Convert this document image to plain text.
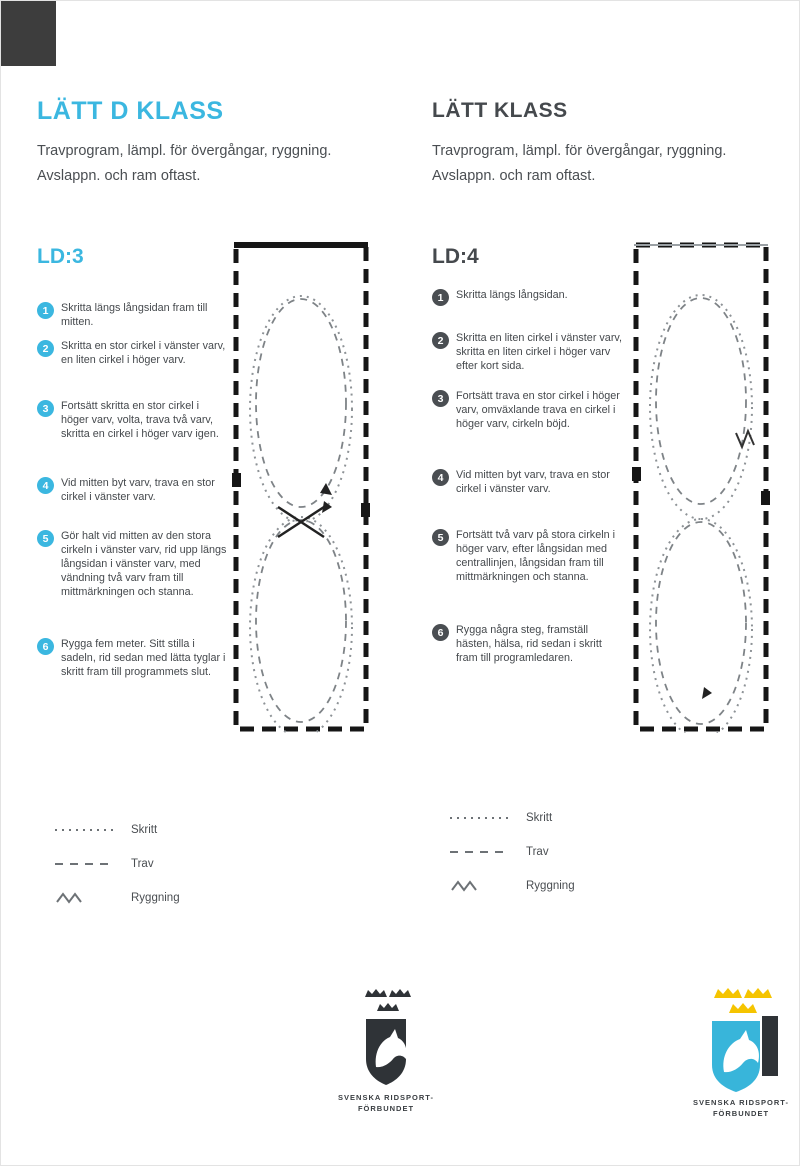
LÄTT D KLASS
Travprogram, lämpl. för övergångar, ryggning.
Avslappn. och ram oftast.
LD:3
1	Skritta längs långsidan fram till mitten.
2	Skritta en stor cirkel i vänster varv, en liten cirkel i höger varv.
3	Fortsätt skritta en stor cirkel i höger varv, volta, trava två varv, skritta en cirkel i höger varv igen.
4	Vid mitten byt varv, trava en stor cirkel i vänster varv.
5	Gör halt vid mitten av den stora cirkeln i vänster varv, rid upp längs långsidan i vänster varv, med vändning två varv fram till mittmärkningen och stanna.
6	Rygga fem meter. Sitt stilla i sadeln, rid sedan med lätta tyglar i skritt fram till programmets slut.
Skritt
Trav
Ryggning
SVENSKA RIDSPORT-
FÖRBUNDET
LÄTT KLASS
Travprogram, lämpl. för övergångar, ryggning.
Avslappn. och ram oftast.
LD:4
1	Skritta längs långsidan.
2	Skritta en liten cirkel i vänster varv, skritta en liten cirkel i höger varv efter kort sida.
3	Fortsätt trava en stor cirkel i höger varv, omväxlande trava en cirkel i höger varv, cirkeln böjd.
4	Vid mitten byt varv, trava en stor cirkel i vänster varv.
5	Fortsätt två varv på stora cirkeln i höger varv, efter långsidan med centrallinjen, långsidan fram till mittmärkningen och stanna.
6	Rygga några steg, framställ hästen, hälsa, rid sedan i skritt fram till programledaren.
Skritt
Trav
Ryggning
SVENSKA RIDSPORT-
FÖRBUNDET
